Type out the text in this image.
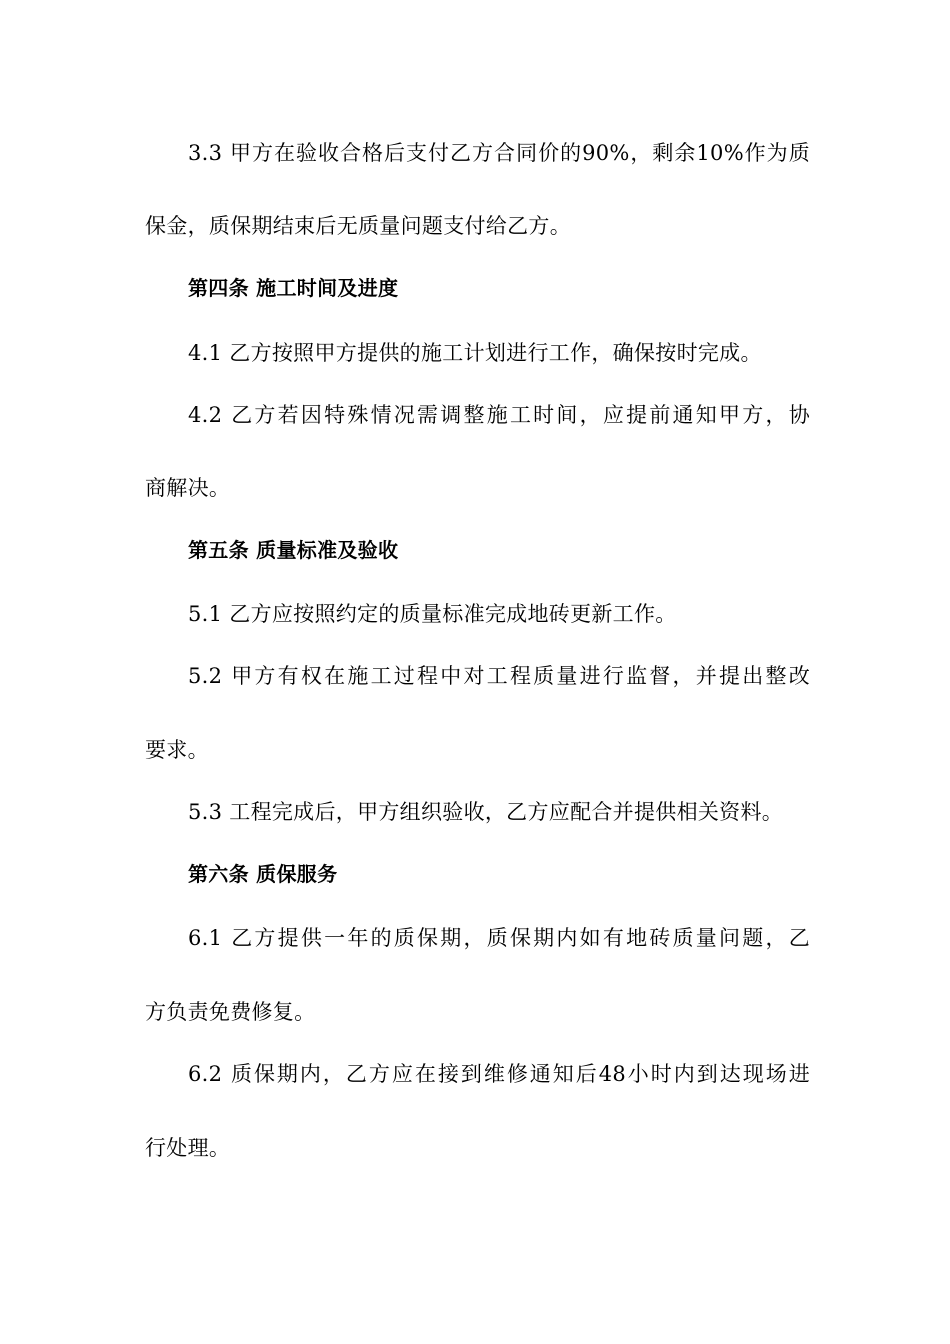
3.3 甲方在验收合格后支付乙方合同价的90%，剩余10%作为质
保金，质保期结束后无质量问题支付给乙方。
第四条 施工时间及进度
4.1 乙方按照甲方提供的施工计划进行工作，确保按时完成。
4.2 乙方若因特殊情况需调整施工时间，应提前通知甲方，协
商解决。
第五条 质量标准及验收
5.1 乙方应按照约定的质量标准完成地砖更新工作。
5.2 甲方有权在施工过程中对工程质量进行监督，并提出整改
要求。
5.3 工程完成后，甲方组织验收，乙方应配合并提供相关资料。
第六条 质保服务
6.1 乙方提供一年的质保期，质保期内如有地砖质量问题，乙
方负责免费修复。
6.2 质保期内，乙方应在接到维修通知后48小时内到达现场进
行处理。
